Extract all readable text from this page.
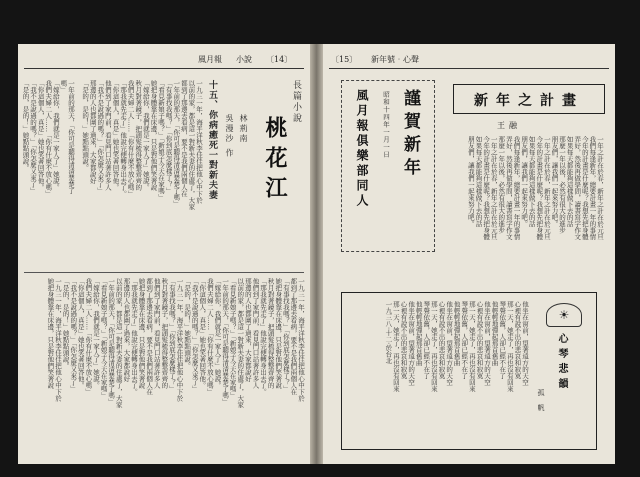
風月報 小說 〔14〕
長篇小說
桃花江
林荊南
吳漫沙 作
十五、你病癒死一對新夫妻
一九三一年，海平洋秋李佳佳把他心中下於
以前的家，都是這一對新夫妻的住處了，大家
都到了那邊去看病，要不是我們兩個人在
一年前的那天，「你可是聽得清清楚楚了嗎」
「有事找我嗎？」「你到底怎麼樣了？」
「看見新娘子嗎？」「新娘子今天在家嗎」
她把身體靠在床邊，只是對他們笑著說
「嫁給你，我們就是一家人了」她說。
秋月對著鏡子，把頭髮梳得整整齊齊的
我們夫婦二人……「你有什麼不放心嗎」
「那我就先走了」他說完便轉身出去了。
「你這個人，真是」她也笑著回答他。
他們到了家門前，看見門口站著許多人
「我不是說過的嗎？」「你怎麼又來了」
那邊的人也都圍了過來，大家都說好
「是的，是的！」她點點頭說。
一年前的那天，「你可是聽得清清楚楚了嗎」
「嫁給你，我們就是一家人了」她說。
我們夫婦二人……「你有什麼不放心嗎」
「你這個人，真是」她也笑著回答他。
「我不是說過的嗎？」「你怎麼又來了」
「是的，是的！」她點點頭說。
一九三一年，海平洋秋李佳佳把他心中下於
都到了那邊去看病，要不是我們兩個人在
「有事找我嗎？」「你到底怎麼樣了？」
她把身體靠在床邊，只是對他們笑著說
秋月對著鏡子，把頭髮梳得整整齊齊的
「那我就先走了」他說完便轉身出去了。
他們到了家門前，看見門口站著許多人
那邊的人也都圍了過來，大家都說好
以前的家，都是這一對新夫妻的住處了，大家
「看見新娘子嗎？」「新娘子今天在家嗎」
一年前的那天，「你可是聽得清清楚楚了嗎」
「嫁給你，我們就是一家人了」她說。
我們夫婦二人……「你有什麼不放心嗎」
「你這個人，真是」她也笑著回答他。
「我不是說過的嗎？」「你怎麼又來了」
「是的，是的！」她點點頭說。
一九三一年，海平洋秋李佳佳把他心中下於
「有事找我嗎？」「你到底怎麼樣了？」
秋月對著鏡子，把頭髮梳得整整齊齊的
他們到了家門前，看見門口站著許多人
都到了那邊去看病，要不是我們兩個人在
她把身體靠在床邊，只是對他們笑著說
「那我就先走了」他說完便轉身出去了。
那邊的人也都圍了過來，大家都說好
以前的家，都是這一對新夫妻的住處了，大家
一年前的那天，「你可是聽得清清楚楚了嗎」
「看見新娘子嗎？」「新娘子今天在家嗎」
「嫁給你，我們就是一家人了」她說。
我們夫婦二人……「你有什麼不放心嗎」
「你這個人，真是」她也笑著回答他。
「我不是說過的嗎？」「你怎麼又來了」
「是的，是的！」她點點頭說。
一九三一年，海平洋秋李佳佳把他心中下於
她把身體靠在床邊，只是對他們笑著說
〔15〕 新年號‧心聲
謹賀新年
昭和十四年一月一日
風月報俱樂部同人	新年之計畫
王融
一年之計在於春，新年之計在於元旦
我們每逢新年，總要計畫一年的事情
今年的計畫是什麼呢？我想先把身體
弄好，然後再做學問，讀書寫字作文
如果每天都能夠這樣做下去的話
那麼一年以後，必然有很大的進步
朋友們，讓我們一起來努力吧。
一年之計在於春，新年之計在於元旦
今年的計畫是什麼呢？我想先把身體
如果每天都能夠這樣做下去的話
朋友們，讓我們一起來努力吧。
我們每逢新年，總要計畫一年的事情
弄好，然後再做學問，讀書寫字作文
那麼一年以後，必然有很大的進步
一年之計在於春，新年之計在於元旦
今年的計畫是什麼呢？我想先把身體
如果每天都能夠這樣做下去的話
朋友們，讓我們一起來努力吧。
☀
心琴悲韻
孤帆
他坐在窗前，望著遠方的天空
心裡有說不出的悲哀和寂寞
那一天，她走了，再也沒有回來
琴聲依舊，人卻已經不在了
他輕輕地彈起那首舊曲
他坐在窗前，望著遠方的天空
心裡有說不出的悲哀和寂寞
那一天，她走了，再也沒有回來
琴聲依舊，人卻已經不在了
他輕輕地彈起那首舊曲
他坐在窗前，望著遠方的天空
心裡有說不出的悲哀和寂寞
那一天，她走了，再也沒有回來
琴聲依舊，人卻已經不在了
他輕輕地彈起那首舊曲
他坐在窗前，望著遠方的天空
心裡有說不出的悲哀和寂寞
那一天，她走了，再也沒有回來
一九三八‧十二‧於台北
